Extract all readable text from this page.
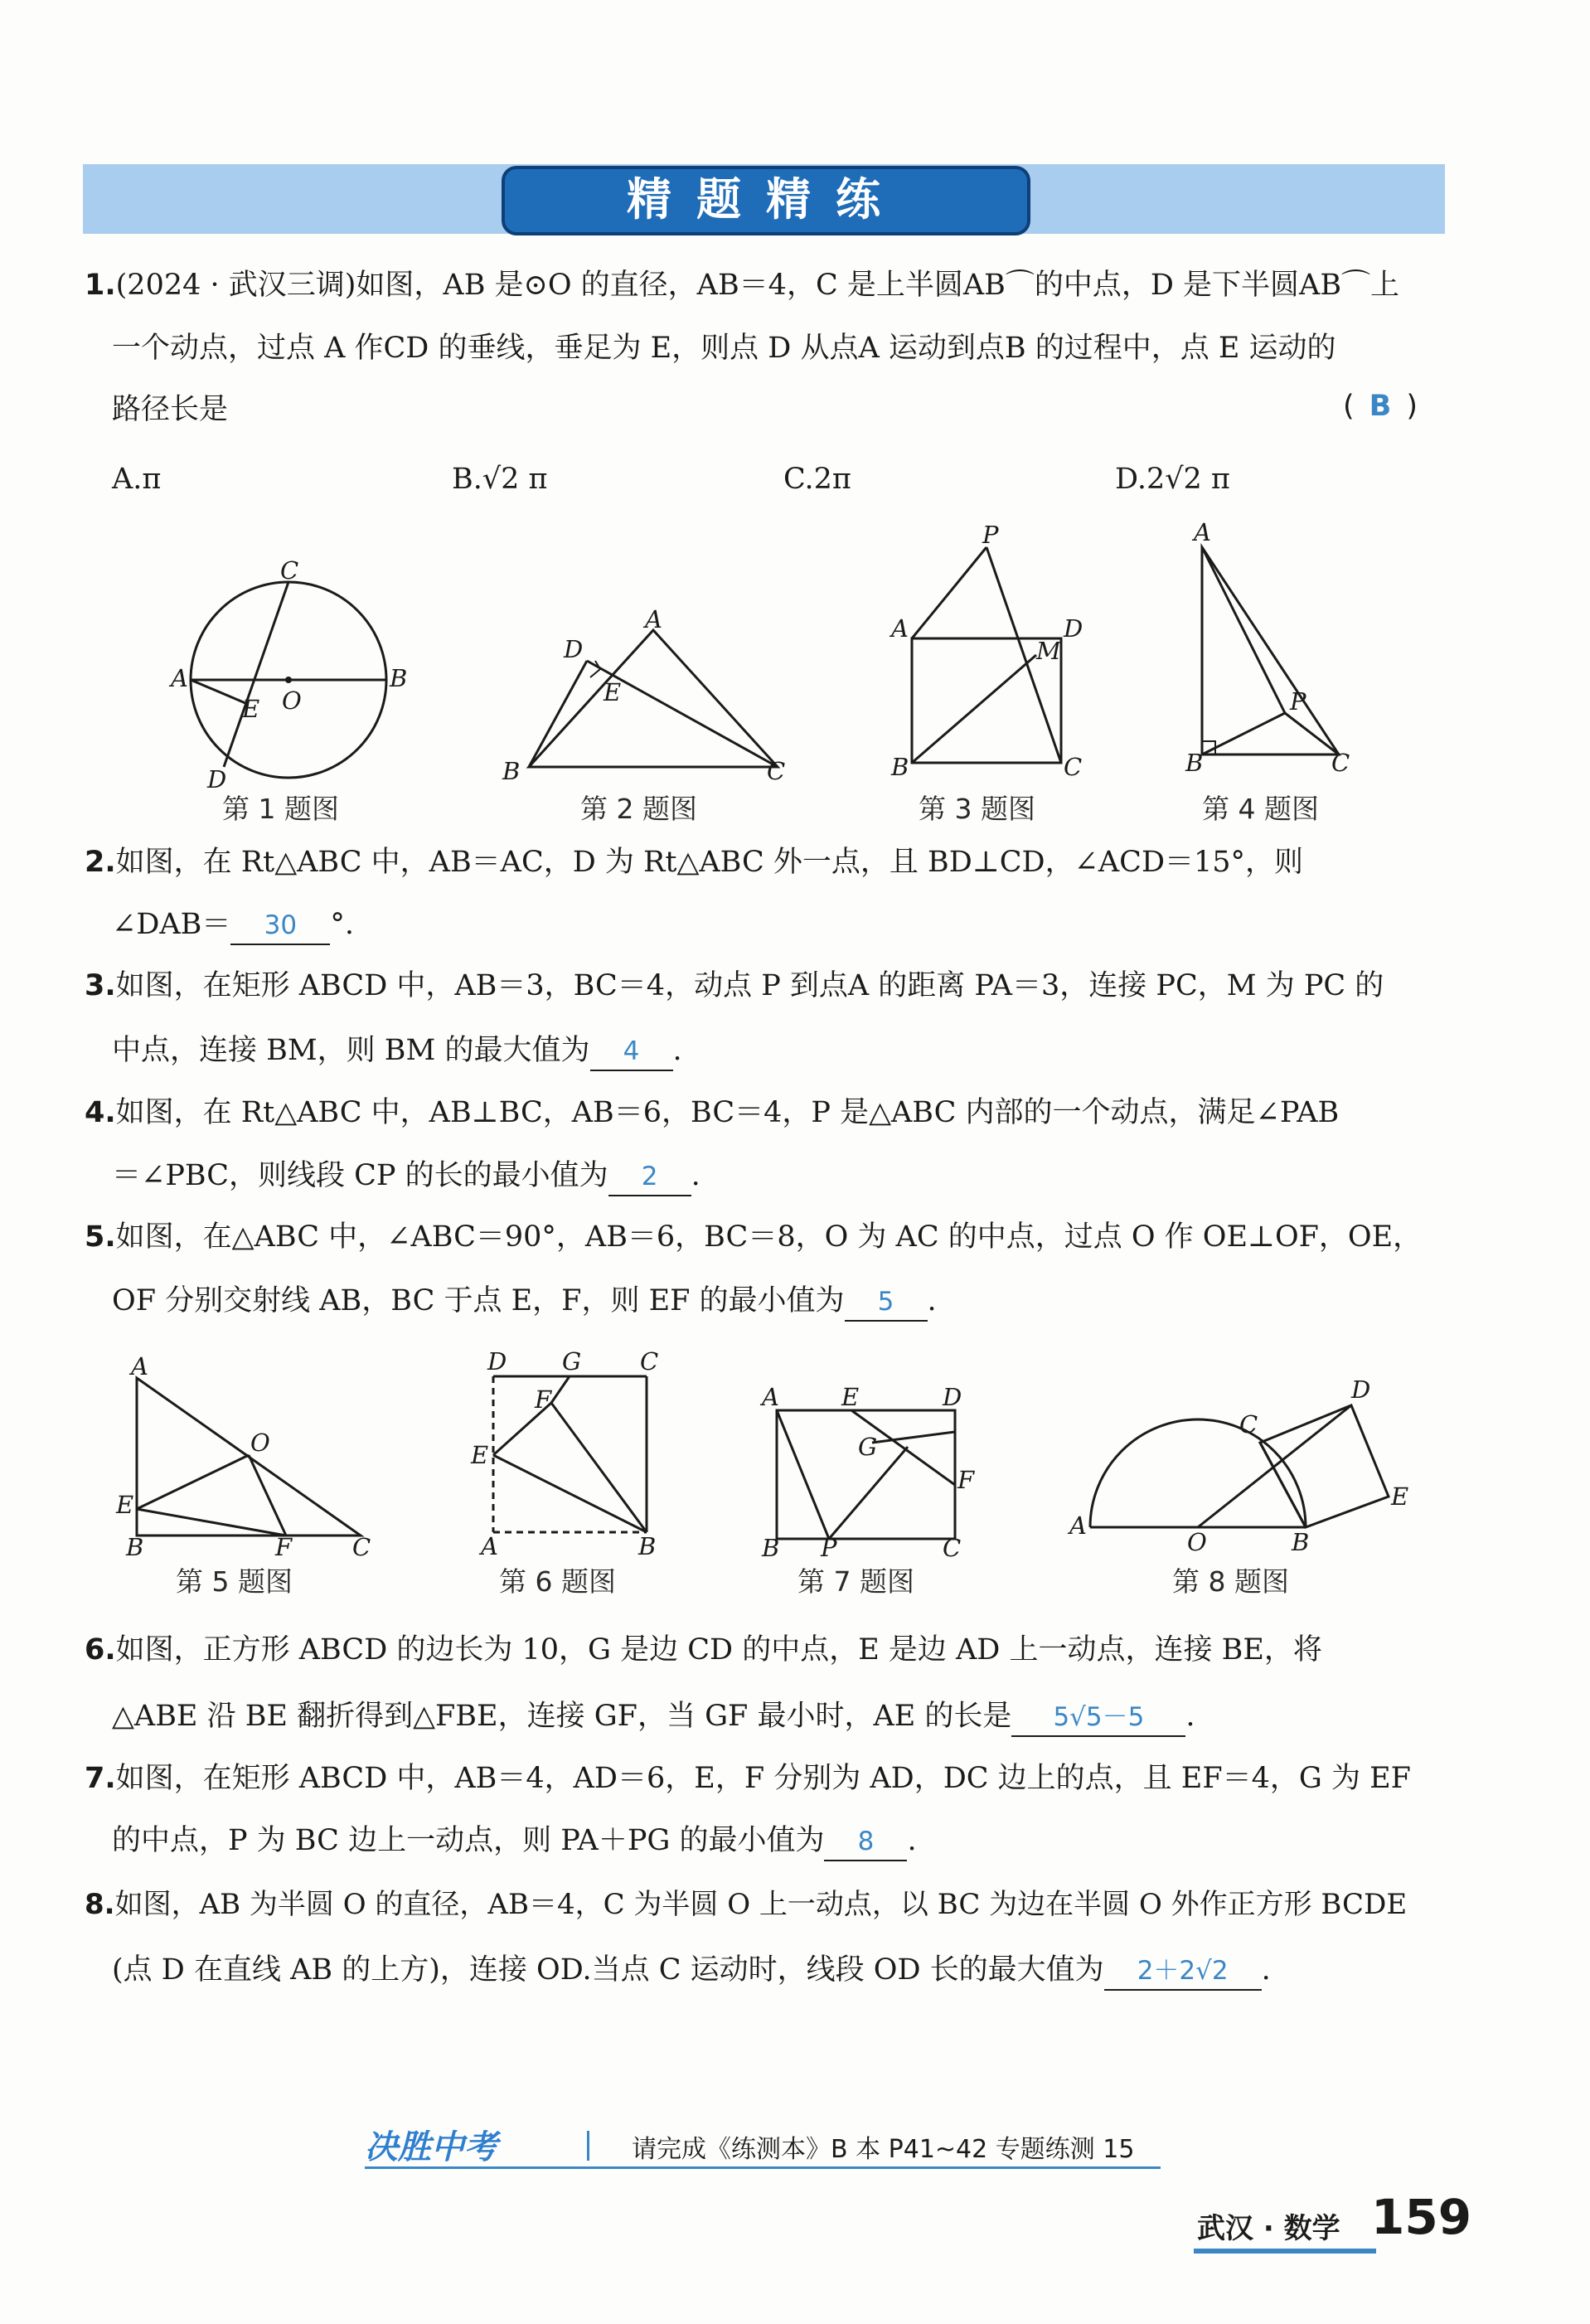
精题精练
1.(2024 · 武汉三调)如图，AB 是⊙O 的直径，AB＝4，C 是上半圆AB⌒的中点，D 是下半圆AB⌒上
一个动点，过点 A 作CD 的垂线，垂足为 E，则点 D 从点A 运动到点B 的过程中，点 E 运动的
路径长是	( B )
A.π	B.√2 π	C.2π	D.2√2 π
C
A	B
O
E
D
第 1 题图
D
A
B	C
E
第 2 题图
P
A	D
M
B	C
第 3 题图
A
P
B	C
第 4 题图
2.如图，在 Rt△ABC 中，AB＝AC，D 为 Rt△ABC 外一点，且 BD⊥CD，∠ACD＝15°，则
∠DAB＝ 30 °.
3.如图，在矩形 ABCD 中，AB＝3，BC＝4，动点 P 到点A 的距离 PA＝3，连接 PC，M 为 PC 的
中点，连接 BM，则 BM 的最大值为 4 .
4.如图，在 Rt△ABC 中，AB⊥BC，AB＝6，BC＝4，P 是△ABC 内部的一个动点，满足∠PAB
＝∠PBC，则线段 CP 的长的最小值为 2 .
5.如图，在△ABC 中，∠ABC＝90°，AB＝6，BC＝8，O 为 AC 的中点，过点 O 作 OE⊥OF，OE，
OF 分别交射线 AB，BC 于点 E，F，则 EF 的最小值为 5 .
A
O
E
B	F	C
第 5 题图
D G C
F
E
A	B
第 6 题图
A	E	D
G
F
B P	C
第 7 题图
A
O	B
C
D
E
第 8 题图
6.如图，正方形 ABCD 的边长为 10，G 是边 CD 的中点，E 是边 AD 上一动点，连接 BE，将
△ABE 沿 BE 翻折得到△FBE，连接 GF，当 GF 最小时，AE 的长是 5√5－5 .
7.如图，在矩形 ABCD 中，AB＝4，AD＝6，E，F 分别为 AD，DC 边上的点，且 EF＝4，G 为 EF
的中点，P 为 BC 边上一动点，则 PA＋PG 的最小值为 8 .
8.如图，AB 为半圆 O 的直径，AB＝4，C 为半圆 O 上一动点，以 BC 为边在半圆 O 外作正方形 BCDE
(点 D 在直线 AB 的上方)，连接 OD.当点 C 运动时，线段 OD 长的最大值为 2＋2√2 .
决胜中考	请完成《练测本》B 本 P41~42 专题练测 15
武汉 · 数学 159
